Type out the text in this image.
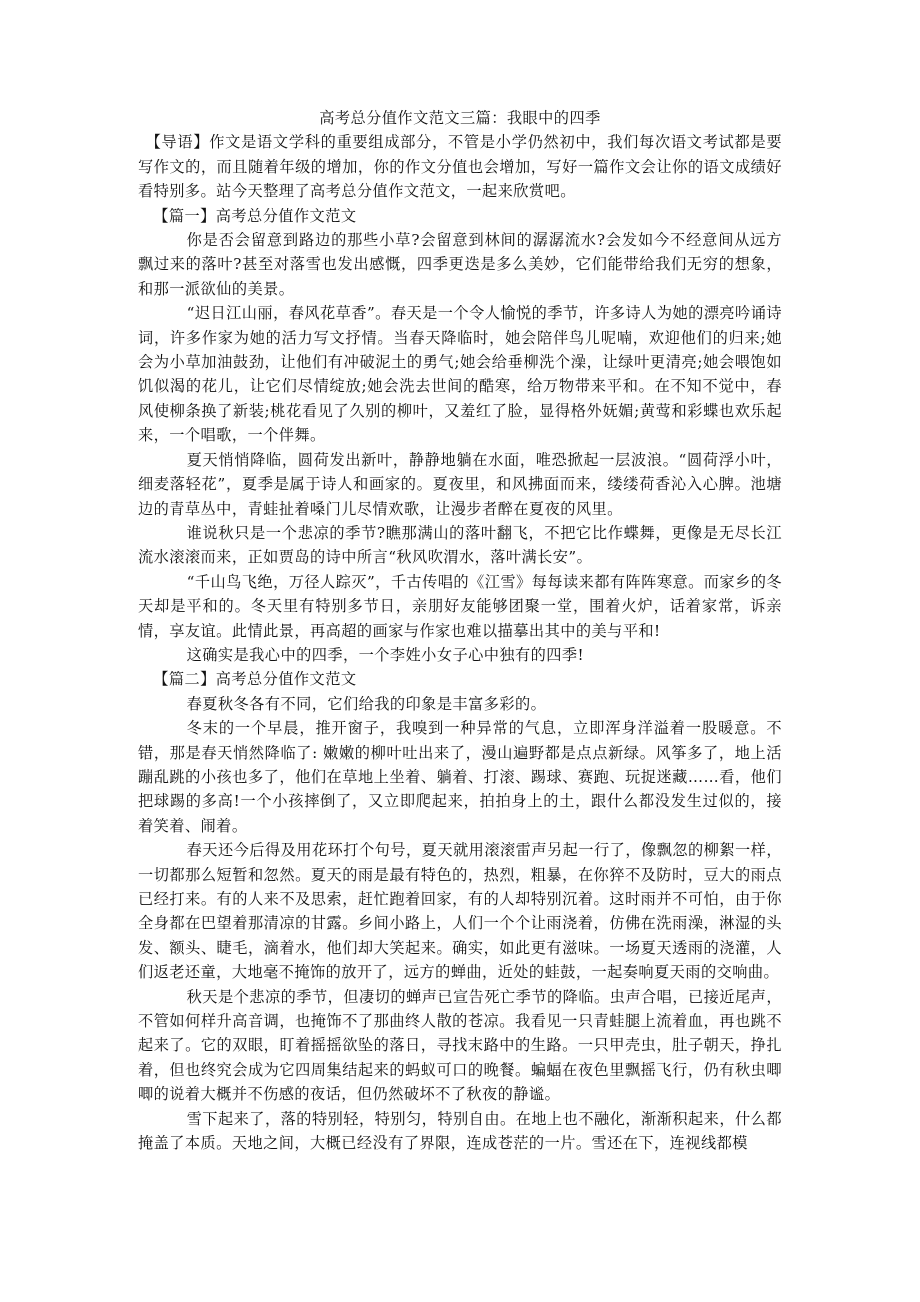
高考总分值作文范文三篇：我眼中的四季

【导语】作文是语文学科的重要组成部分，不管是小学仍然初中，我们每次语文考试都是要写作文的，而且随着年级的增加，你的作文分值也会增加，写好一篇作文会让你的语文成绩好看特别多。站今天整理了高考总分值作文范文，一起来欣赏吧。

【篇一】高考总分值作文范文

你是否会留意到路边的那些小草?会留意到林间的潺潺流水?会发如今不经意间从远方飘过来的落叶?甚至对落雪也发出感慨，四季更迭是多么美妙，它们能带给我们无穷的想象，和那一派欲仙的美景。

“迟日江山丽，春风花草香”。春天是一个令人愉悦的季节，许多诗人为她的漂亮吟诵诗词，许多作家为她的活力写文抒情。当春天降临时，她会陪伴鸟儿呢喃，欢迎他们的归来;她会为小草加油鼓劲，让他们有冲破泥土的勇气;她会给垂柳洗个澡，让绿叶更清亮;她会喂饱如饥似渴的花儿，让它们尽情绽放;她会洗去世间的酷寒，给万物带来平和。在不知不觉中，春风使柳条换了新装;桃花看见了久别的柳叶，又羞红了脸，显得格外妩媚;黄莺和彩蝶也欢乐起来，一个唱歌，一个伴舞。

夏天悄悄降临，圆荷发出新叶，静静地躺在水面，唯恐掀起一层波浪。“圆荷浮小叶，细麦落轻花”，夏季是属于诗人和画家的。夏夜里，和风拂面而来，缕缕荷香沁入心脾。池塘边的青草丛中，青蛙扯着嗓门儿尽情欢歌，让漫步者醉在夏夜的风里。

谁说秋只是一个悲凉的季节?瞧那满山的落叶翻飞，不把它比作蝶舞，更像是无尽长江流水滚滚而来，正如贾岛的诗中所言“秋风吹渭水，落叶满长安”。

“千山鸟飞绝，万径人踪灭”，千古传唱的《江雪》每每读来都有阵阵寒意。而家乡的冬天却是平和的。冬天里有特别多节日，亲朋好友能够团聚一堂，围着火炉，话着家常，诉亲情，享友谊。此情此景，再高超的画家与作家也难以描摹出其中的美与平和!

这确实是我心中的四季，一个李姓小女子心中独有的四季!

【篇二】高考总分值作文范文

春夏秋冬各有不同，它们给我的印象是丰富多彩的。

冬末的一个早晨，推开窗子，我嗅到一种异常的气息，立即浑身洋溢着一股暖意。不错，那是春天悄然降临了: 嫩嫩的柳叶吐出来了，漫山遍野都是点点新绿。风筝多了，地上活蹦乱跳的小孩也多了，他们在草地上坐着、躺着、打滚、踢球、赛跑、玩捉迷藏……看，他们把球踢的多高!一个小孩摔倒了，又立即爬起来，拍拍身上的土，跟什么都没发生过似的，接着笑着、闹着。

春天还今后得及用花环打个句号，夏天就用滚滚雷声另起一行了，像飘忽的柳絮一样，一切都那么短暂和忽然。夏天的雨是最有特色的，热烈，粗暴，在你猝不及防时，豆大的雨点已经打来。有的人来不及思索，赶忙跑着回家，有的人却特别沉着。这时雨并不可怕，由于你全身都在巴望着那清凉的甘露。乡间小路上，人们一个个让雨浇着，仿佛在洗雨澡，淋湿的头发、额头、睫毛，滴着水，他们却大笑起来。确实，如此更有滋味。一场夏天透雨的浇灌，人们返老还童，大地毫不掩饰的放开了，远方的蝉曲，近处的蛙鼓，一起奏响夏天雨的交响曲。

秋天是个悲凉的季节，但凄切的蝉声已宣告死亡季节的降临。虫声合唱，已接近尾声，不管如何样升高音调，也掩饰不了那曲终人散的苍凉。我看见一只青蛙腿上流着血，再也跳不起来了。它的双眼，盯着摇摇欲坠的落日，寻找末路中的生路。一只甲壳虫，肚子朝天，挣扎着，但也终究会成为它四周集结起来的蚂蚁可口的晚餐。蝙蝠在夜色里飘摇飞行，仍有秋虫唧唧的说着大概并不伤感的夜话，但仍然破坏不了秋夜的静谧。

雪下起来了，落的特别轻，特别匀，特别自由。在地上也不融化，渐渐积起来，什么都掩盖了本质。天地之间，大概已经没有了界限，连成苍茫的一片。雪还在下，连视线都模
